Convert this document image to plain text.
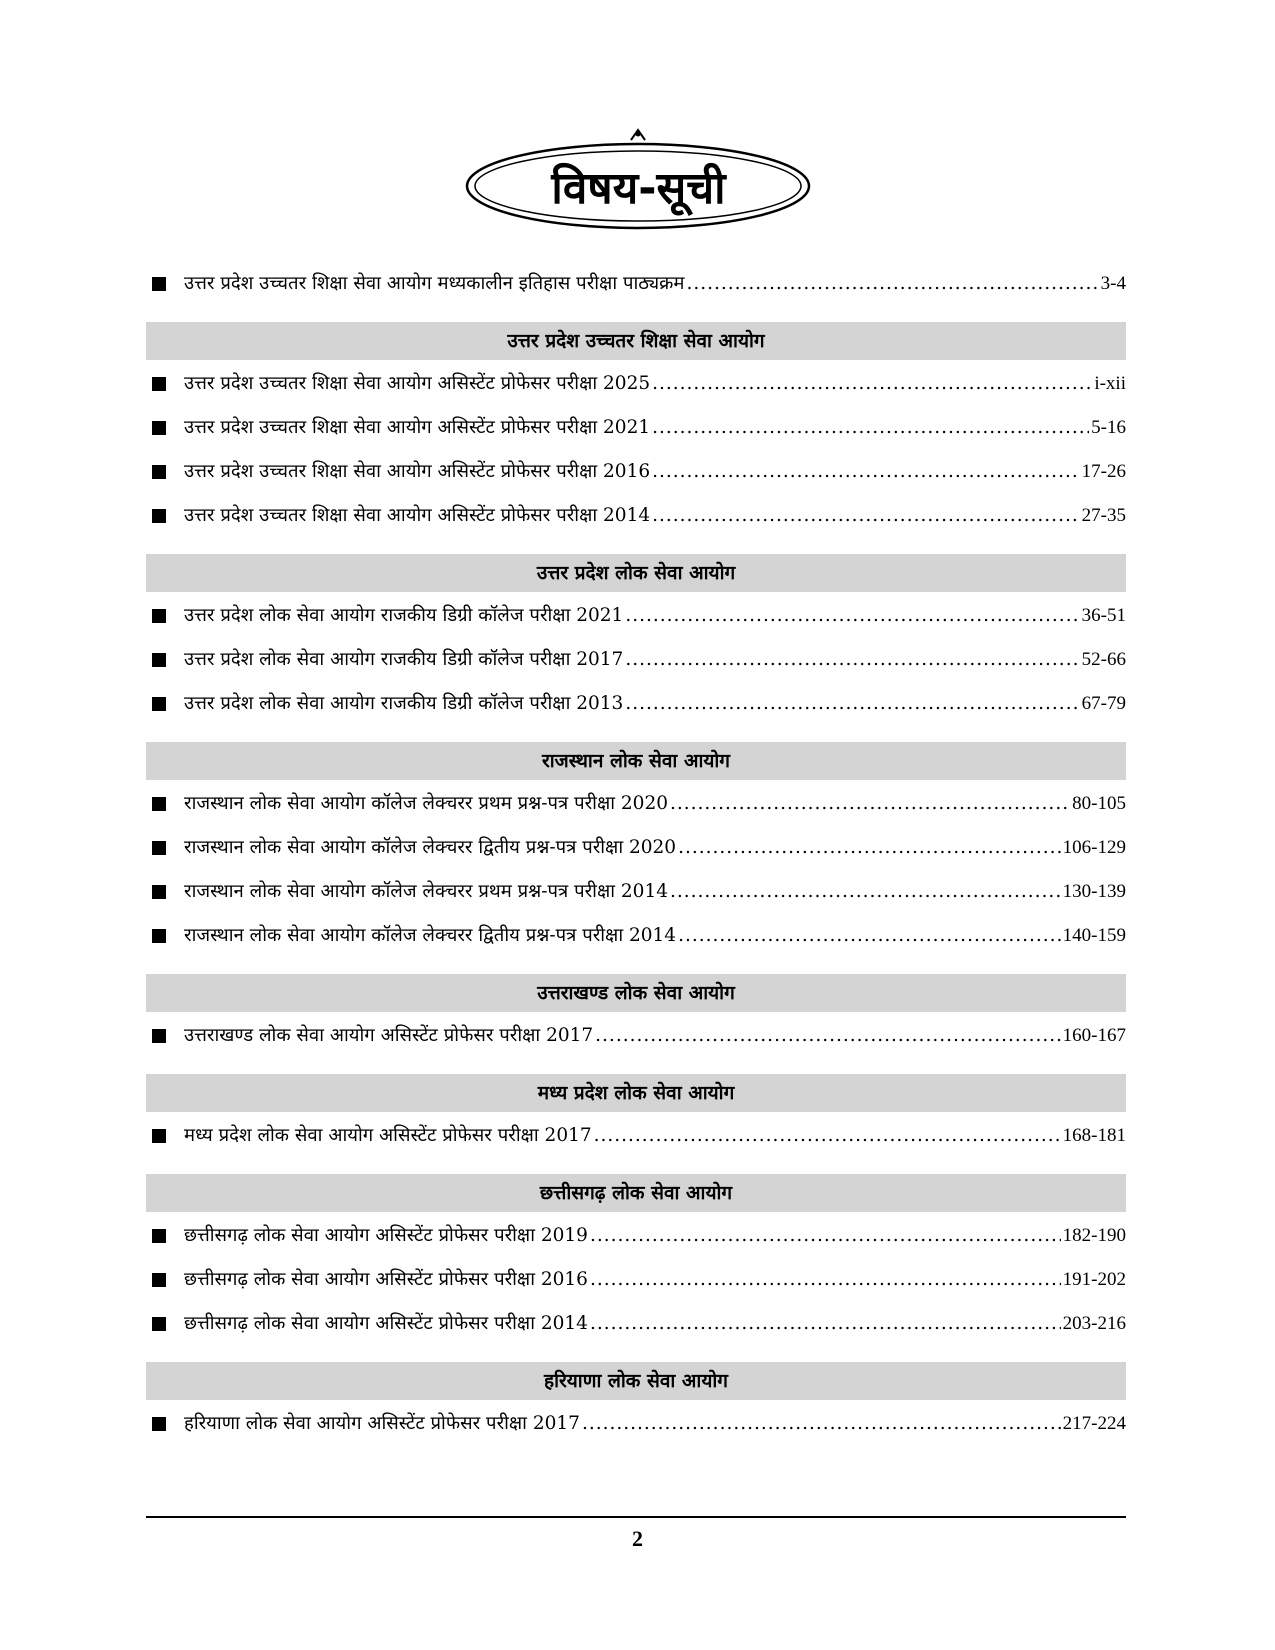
विषय-सूची
उत्तर प्रदेश उच्चतर शिक्षा सेवा आयोग मध्यकालीन इतिहास परीक्षा पाठ्यक्रम .....	3-4
उत्तर प्रदेश उच्चतर शिक्षा सेवा आयोग
उत्तर प्रदेश उच्चतर शिक्षा सेवा आयोग असिस्टेंट प्रोफेसर परीक्षा 2025 .....	i-xii
उत्तर प्रदेश उच्चतर शिक्षा सेवा आयोग असिस्टेंट प्रोफेसर परीक्षा 2021 .....	5-16
उत्तर प्रदेश उच्चतर शिक्षा सेवा आयोग असिस्टेंट प्रोफेसर परीक्षा 2016 .....	17-26
उत्तर प्रदेश उच्चतर शिक्षा सेवा आयोग असिस्टेंट प्रोफेसर परीक्षा 2014 .....	27-35
उत्तर प्रदेश लोक सेवा आयोग
उत्तर प्रदेश लोक सेवा आयोग राजकीय डिग्री कॉलेज परीक्षा 2021 .....	36-51
उत्तर प्रदेश लोक सेवा आयोग राजकीय डिग्री कॉलेज परीक्षा 2017 .....	52-66
उत्तर प्रदेश लोक सेवा आयोग राजकीय डिग्री कॉलेज परीक्षा 2013 .....	67-79
राजस्थान लोक सेवा आयोग
राजस्थान लोक सेवा आयोग कॉलेज लेक्चरर प्रथम प्रश्न-पत्र परीक्षा 2020 .....	80-105
राजस्थान लोक सेवा आयोग कॉलेज लेक्चरर द्वितीय प्रश्न-पत्र परीक्षा 2020 .....	106-129
राजस्थान लोक सेवा आयोग कॉलेज लेक्चरर प्रथम प्रश्न-पत्र परीक्षा 2014 .....	130-139
राजस्थान लोक सेवा आयोग कॉलेज लेक्चरर द्वितीय प्रश्न-पत्र परीक्षा 2014 .....	140-159
उत्तराखण्ड लोक सेवा आयोग
उत्तराखण्ड लोक सेवा आयोग असिस्टेंट प्रोफेसर परीक्षा 2017 .....	160-167
मध्य प्रदेश लोक सेवा आयोग
मध्य प्रदेश लोक सेवा आयोग असिस्टेंट प्रोफेसर परीक्षा 2017 .....	168-181
छत्तीसगढ़ लोक सेवा आयोग
छत्तीसगढ़ लोक सेवा आयोग असिस्टेंट प्रोफेसर परीक्षा 2019 .....	182-190
छत्तीसगढ़ लोक सेवा आयोग असिस्टेंट प्रोफेसर परीक्षा 2016 .....	191-202
छत्तीसगढ़ लोक सेवा आयोग असिस्टेंट प्रोफेसर परीक्षा 2014 .....	203-216
हरियाणा लोक सेवा आयोग
हरियाणा लोक सेवा आयोग असिस्टेंट प्रोफेसर परीक्षा 2017 .....	217-224
2
